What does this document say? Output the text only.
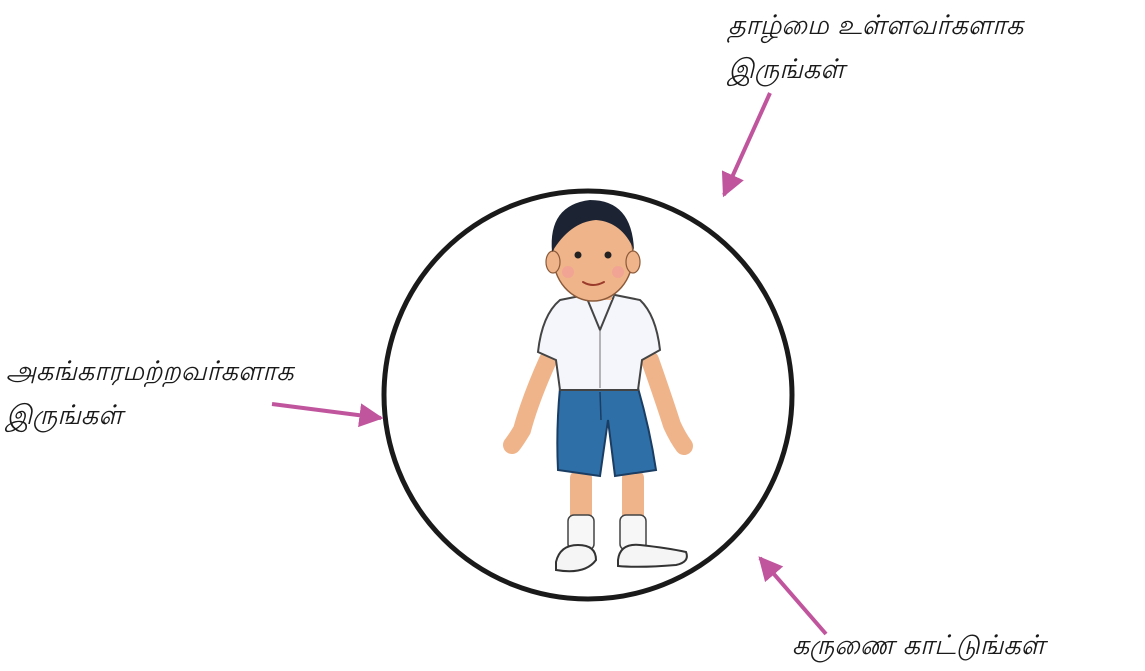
தாழ்மை உள்ளவர்களாக
இருங்கள்
அகங்காரமற்றவர்களாக
இருங்கள்
கருணை காட்டுங்கள்
